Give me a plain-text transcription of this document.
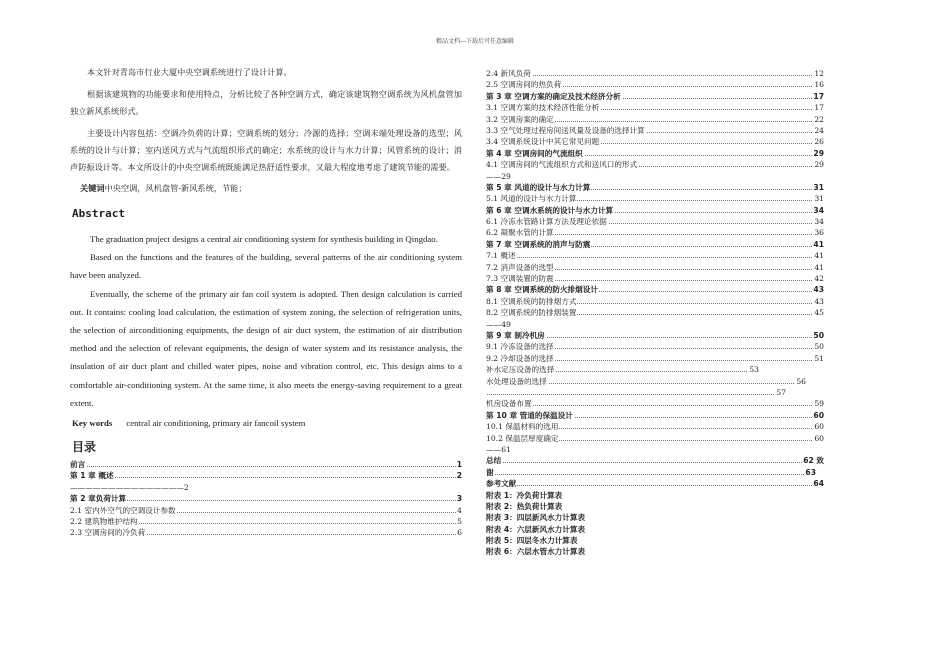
精品文档---下载后可任意编辑

本文针对青岛市行业大厦中央空调系统进行了设计计算。

根据该建筑物的功能要求和使用特点，分析比较了各种空调方式，确定该建筑物空调系统为风机盘管加独立新风系统形式。

主要设计内容包括：空调冷负荷的计算；空调系统的划分；冷源的选择；空调末端处理设备的选型；风系统的设计与计算；室内送风方式与气流组织形式的确定；水系统的设计与水力计算；风管系统的设计；消声防振设计等。本文所设计的中央空调系统既能满足热舒适性要求，又最大程度地考虑了建筑节能的需要。

关键词中央空调，风机盘管-新风系统，节能；
Abstract

The graduation project designs a central air conditioning system for synthesis building in Qingdao.

Based on the functions and the features of the building, several patterns of the air conditioning system have been analyzed.

Eventually, the scheme of the primary air fan coil system is adopted. Then design calculation is carried out. It contains: cooling load calculation, the estimation of system zoning, the selection of refrigeration units, the selection of airconditioning equipments, the design of air duct system, the estimation of air distribution method and the selection of relevant equipments, the design of water system and its resistance analysis, the insulation of air duct plant and chilled water pipes, noise and vibration control, etc. This design aims to a comfortable air-conditioning system. At the same time, it also meets the energy-saving requirement to a great extent.

Key words central air conditioning, primary air fancoil system
目录
前言	1
第 1 章 概述	2
———————————————2
第 2 章负荷计算	3
2.1 室内外空气的空调设计参数	4
2.2 建筑物维护结构	5
2.3 空调房间的冷负荷	6
2.4 新风负荷	12
2.5 空调房间的热负荷	16
第 3 章 空调方案的确定及技术经济分析	17
3.1 空调方案的技术经济性能分析	17
3.2 空调房案的确定	22
3.3 空气处理过程房间送风量及设备的选择计算	24
3.4 空调系统设计中其它常见问题	26
第 4 章 空调房间的气流组织	29
4.1 空调房间的气流组织方式和送风口的形式	29
——29
第 5 章 风道的设计与水力计算	31
5.1 风道的设计与水力计算	31
第 6 章 空调水系统的设计与水力计算	34
6.1 冷冻水管路计算方法及理论依据	34
6.2 凝聚水管的计算	36
第 7 章 空调系统的消声与防震	41
7.1 概述	41
7.2 消声设备的选型	41
7.3 空调装置的防震	42
第 8 章 空调系统的防火排烟设计	43
8.1 空调系统的防排烟方式	43
8.2 空调系统的防排烟装置	45
——49
第 9 章 制冷机房	50
9.1 冷冻设备的选择	50
9.2 冷却设备的选择	51
补水定压设备的选择	53
水处理设备的选择	56
57
机房设备布置	59
第 10 章 管道的保温设计	60
10.1 保温材料的选用	60
10.2 保温层厚度确定	60
——61
总结	62 致
谢	63
参考文献	64
附表 1：冷负荷计算表
附表 2：热负荷计算表
附表 3：四层新风水力计算表
附表 4：六层新风水力计算表
附表 5：四层冬水力计算表
附表 6：六层水管水力计算表
